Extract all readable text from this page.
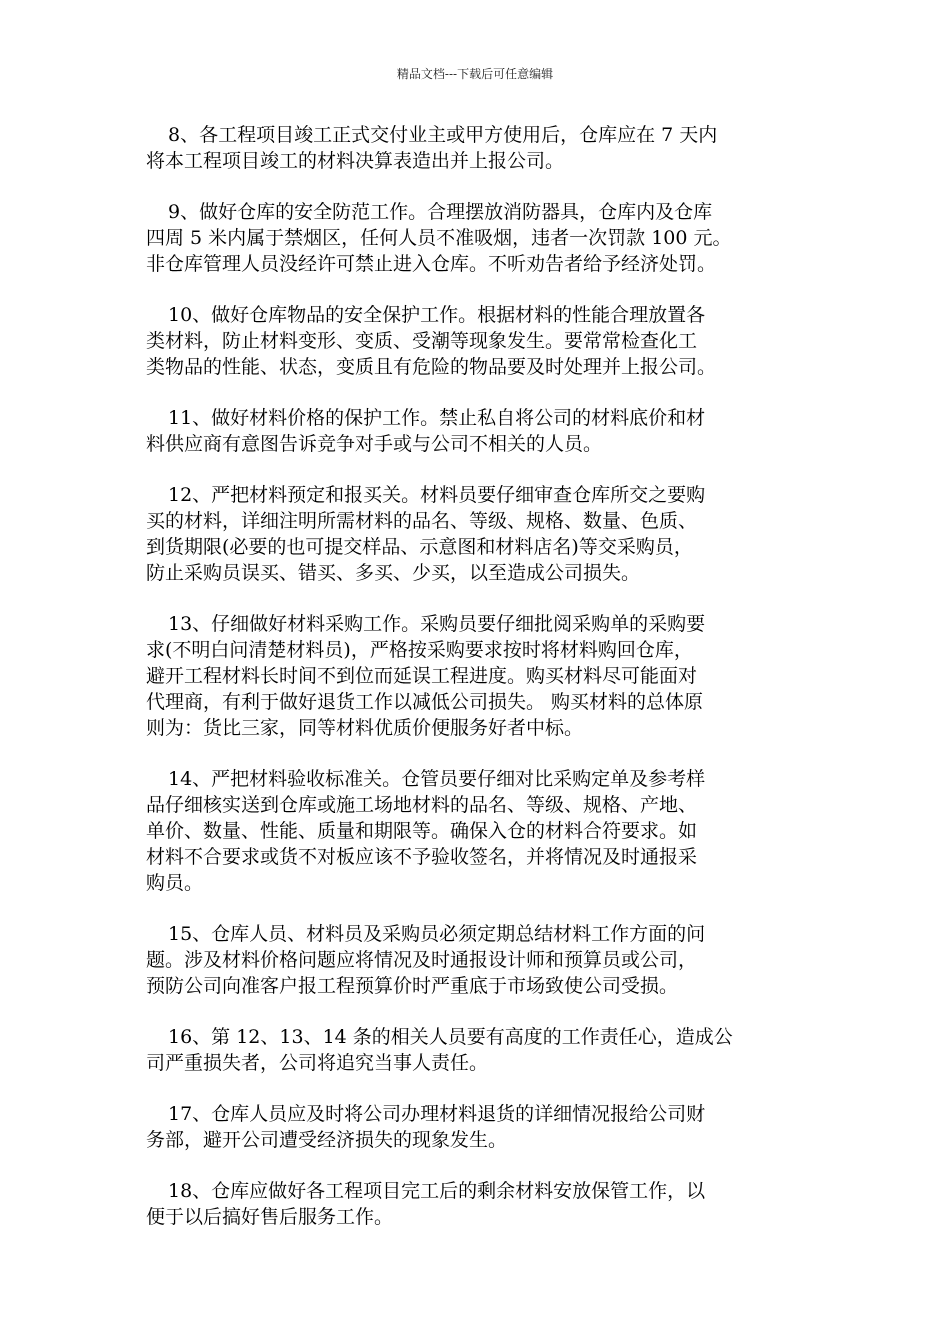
精品文档---下载后可任意编辑

8、各工程项目竣工正式交付业主或甲方使用后，仓库应在 7 天内
将本工程项目竣工的材料决算表造出并上报公司。

9、做好仓库的安全防范工作。合理摆放消防器具，仓库内及仓库
四周 5 米内属于禁烟区，任何人员不准吸烟，违者一次罚款 100 元。
非仓库管理人员没经许可禁止进入仓库。不听劝告者给予经济处罚。

10、做好仓库物品的安全保护工作。根据材料的性能合理放置各
类材料，防止材料变形、变质、受潮等现象发生。要常常检查化工
类物品的性能、状态，变质且有危险的物品要及时处理并上报公司。

11、做好材料价格的保护工作。禁止私自将公司的材料底价和材
料供应商有意图告诉竞争对手或与公司不相关的人员。

12、严把材料预定和报买关。材料员要仔细审查仓库所交之要购
买的材料，详细注明所需材料的品名、等级、规格、数量、色质、
到货期限(必要的也可提交样品、示意图和材料店名)等交采购员，
防止采购员误买、错买、多买、少买，以至造成公司损失。

13、仔细做好材料采购工作。采购员要仔细批阅采购单的采购要
求(不明白问清楚材料员)，严格按采购要求按时将材料购回仓库，
避开工程材料长时间不到位而延误工程进度。购买材料尽可能面对
代理商，有利于做好退货工作以减低公司损失。 购买材料的总体原
则为：货比三家，同等材料优质价便服务好者中标。

14、严把材料验收标准关。仓管员要仔细对比采购定单及参考样
品仔细核实送到仓库或施工场地材料的品名、等级、规格、产地、
单价、数量、性能、质量和期限等。确保入仓的材料合符要求。如
材料不合要求或货不对板应该不予验收签名，并将情况及时通报采
购员。

15、仓库人员、材料员及采购员必须定期总结材料工作方面的问
题。涉及材料价格问题应将情况及时通报设计师和预算员或公司，
预防公司向准客户报工程预算价时严重底于市场致使公司受损。

16、第 12、13、14 条的相关人员要有高度的工作责任心，造成公
司严重损失者，公司将追究当事人责任。

17、仓库人员应及时将公司办理材料退货的详细情况报给公司财
务部，避开公司遭受经济损失的现象发生。

18、仓库应做好各工程项目完工后的剩余材料安放保管工作，以
便于以后搞好售后服务工作。
